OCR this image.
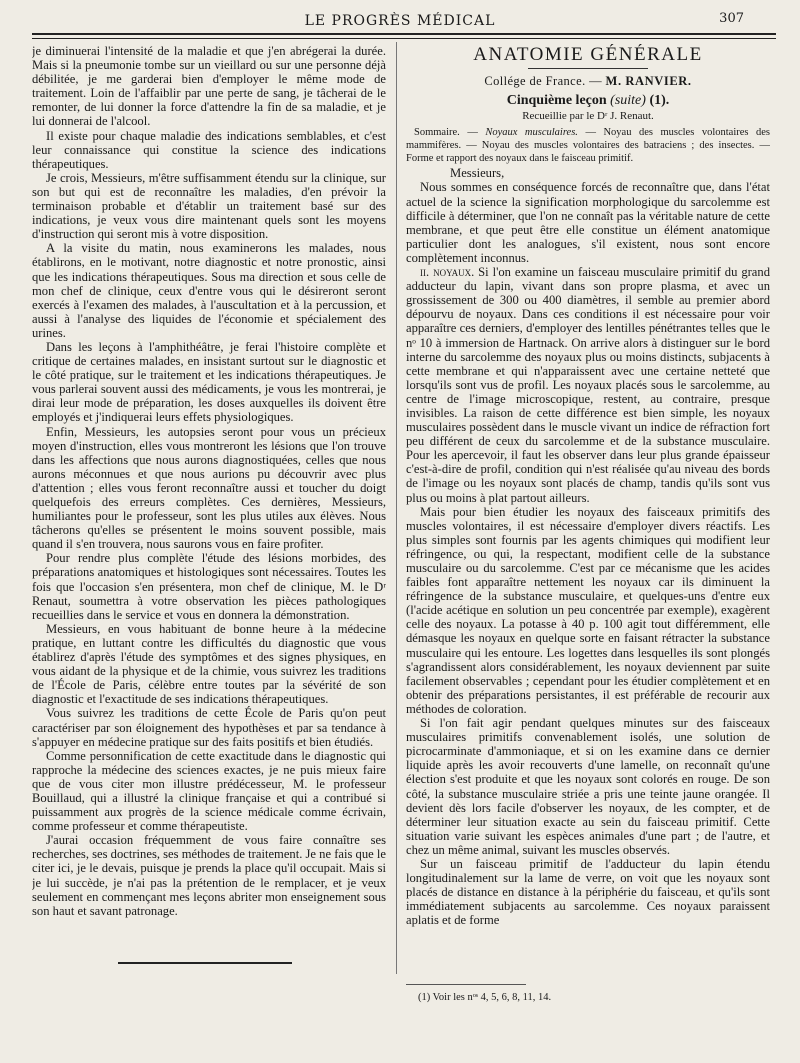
LE PROGRÈS MÉDICAL	307

je diminuerai l'intensité de la maladie et que j'en abrégerai la durée. Mais si la pneumonie tombe sur un vieillard ou sur une personne déjà débilitée, je me garderai bien d'employer le même mode de traitement. Loin de l'affaiblir par une perte de sang, je tâcherai de le remonter, de lui donner la force d'attendre la fin de sa maladie, et je lui donnerai de l'alcool.

Il existe pour chaque maladie des indications semblables, et c'est leur connaissance qui constitue la science des indications thérapeutiques.

Je crois, Messieurs, m'être suffisamment étendu sur la clinique, sur son but qui est de reconnaître les maladies, d'en prévoir la terminaison probable et d'établir un traitement basé sur des indications, je veux vous dire maintenant quels sont les moyens d'instruction qui seront mis à votre disposition.

A la visite du matin, nous examinerons les malades, nous établirons, en le motivant, notre diagnostic et notre pronostic, ainsi que les indications thérapeutiques. Sous ma direction et sous celle de mon chef de clinique, ceux d'entre vous qui le désireront seront exercés à l'examen des malades, à l'auscultation et à la percussion, et aussi à l'analyse des liquides de l'économie et spécialement des urines.

Dans les leçons à l'amphithéâtre, je ferai l'histoire complète et critique de certaines malades, en insistant surtout sur le diagnostic et le côté pratique, sur le traitement et les indications thérapeutiques. Je vous parlerai souvent aussi des médicaments, je vous les montrerai, je dirai leur mode de préparation, les doses auxquelles ils doivent être employés et j'indiquerai leurs effets physiologiques.

Enfin, Messieurs, les autopsies seront pour vous un précieux moyen d'instruction, elles vous montreront les lésions que l'on trouve dans les affections que nous aurons diagnostiquées, celles que nous aurons méconnues et que nous aurions pu découvrir avec plus d'attention ; elles vous feront reconnaître aussi et toucher du doigt quelquefois des erreurs complètes. Ces dernières, Messieurs, humiliantes pour le professeur, sont les plus utiles aux élèves. Nous tâcherons qu'elles se présentent le moins souvent possible, mais quand il s'en trouvera, nous saurons vous en faire profiter.

Pour rendre plus complète l'étude des lésions morbides, des préparations anatomiques et histologiques sont nécessaires. Toutes les fois que l'occasion s'en présentera, mon chef de clinique, M. le Dʳ Renaut, soumettra à votre observation les pièces pathologiques recueillies dans le service et vous en donnera la démonstration.

Messieurs, en vous habituant de bonne heure à la médecine pratique, en luttant contre les difficultés du diagnostic que vous établirez d'après l'étude des symptômes et des signes physiques, en vous aidant de la physique et de la chimie, vous suivrez les traditions de l'École de Paris, célèbre entre toutes par la sévérité de son diagnostic et l'exactitude de ses indications thérapeutiques.

Vous suivrez les traditions de cette École de Paris qu'on peut caractériser par son éloignement des hypothèses et par sa tendance à s'appuyer en médecine pratique sur des faits positifs et bien étudiés.

Comme personnification de cette exactitude dans le diagnostic qui rapproche la médecine des sciences exactes, je ne puis mieux faire que de vous citer mon illustre prédécesseur, M. le professeur Bouillaud, qui a illustré la clinique française et qui a contribué si puissamment aux progrès de la science médicale comme écrivain, comme professeur et comme thérapeutiste.

J'aurai occasion fréquemment de vous faire connaître ses recherches, ses doctrines, ses méthodes de traitement. Je ne fais que le citer ici, je le devais, puisque je prends la place qu'il occupait. Mais si je lui succède, je n'ai pas la prétention de le remplacer, et je veux seulement en commençant mes leçons abriter mon enseignement sous son haut et savant patronage.

ANATOMIE GÉNÉRALE
Collége de France. — M. RANVIER.
Cinquième leçon (suite) (1).
Recueillie par le Dʳ J. Renaut.

Sommaire. — Noyaux musculaires. — Noyau des muscles volontaires des mammifères. — Noyau des muscles volontaires des batraciens ; des insectes. — Forme et rapport des noyaux dans le faisceau primitif.

Messieurs,

Nous sommes en conséquence forcés de reconnaître que, dans l'état actuel de la science la signification morphologique du sarcolemme est difficile à déterminer, que l'on ne connaît pas la véritable nature de cette membrane, et que peut être elle constitue un élément anatomique particulier dont les analogues, s'il existent, nous sont encore complètement inconnus.

ii. noyaux. Si l'on examine un faisceau musculaire primitif du grand adducteur du lapin, vivant dans son propre plasma, et avec un grossissement de 300 ou 400 diamètres, il semble au premier abord dépourvu de noyaux. Dans ces conditions il est nécessaire pour voir apparaître ces derniers, d'employer des lentilles pénétrantes telles que le nᵒ 10 à immersion de Hartnack. On arrive alors à distinguer sur le bord interne du sarcolemme des noyaux plus ou moins distincts, subjacents à cette membrane et qui n'apparaissent avec une certaine netteté que lorsqu'ils sont vus de profil. Les noyaux placés sous le sarcolemme, au centre de l'image microscopique, restent, au contraire, presque invisibles. La raison de cette différence est bien simple, les noyaux musculaires possèdent dans le muscle vivant un indice de réfraction fort peu différent de ceux du sarcolemme et de la substance musculaire. Pour les apercevoir, il faut les observer dans leur plus grande épaisseur c'est-à-dire de profil, condition qui n'est réalisée qu'au niveau des bords de l'image ou les noyaux sont placés de champ, tandis qu'ils sont vus plus ou moins à plat partout ailleurs.

Mais pour bien étudier les noyaux des faisceaux primitifs des muscles volontaires, il est nécessaire d'employer divers réactifs. Les plus simples sont fournis par les agents chimiques qui modifient leur réfringence, ou qui, la respectant, modifient celle de la substance musculaire ou du sarcolemme. C'est par ce mécanisme que les acides faibles font apparaître nettement les noyaux car ils diminuent la réfringence de la substance musculaire, et quelques-uns d'entre eux (l'acide acétique en solution un peu concentrée par exemple), exagèrent celle des noyaux. La potasse à 40 p. 100 agit tout différemment, elle démasque les noyaux en quelque sorte en faisant rétracter la substance musculaire qui les entoure. Les logettes dans lesquelles ils sont plongés s'agrandissent alors considérablement, les noyaux deviennent par suite facilement observables ; cependant pour les étudier complètement et en obtenir des préparations persistantes, il est préférable de recourir aux méthodes de coloration.

Si l'on fait agir pendant quelques minutes sur des faisceaux musculaires primitifs convenablement isolés, une solution de picrocarminate d'ammoniaque, et si on les examine dans ce dernier liquide après les avoir recouverts d'une lamelle, on reconnaît qu'une élection s'est produite et que les noyaux sont colorés en rouge. De son côté, la substance musculaire striée a pris une teinte jaune orangée. Il devient dès lors facile d'observer les noyaux, de les compter, et de déterminer leur situation exacte au sein du faisceau primitif. Cette situation varie suivant les espèces animales d'une part ; de l'autre, et chez un même animal, suivant les muscles observés.

Sur un faisceau primitif de l'adducteur du lapin étendu longitudinalement sur la lame de verre, on voit que les noyaux sont placés de distance en distance à la périphérie du faisceau, et qu'ils sont immédiatement subjacents au sarcolemme. Ces noyaux paraissent aplatis et de forme

(1) Voir les nᵒˢ 4, 5, 6, 8, 11, 14.
